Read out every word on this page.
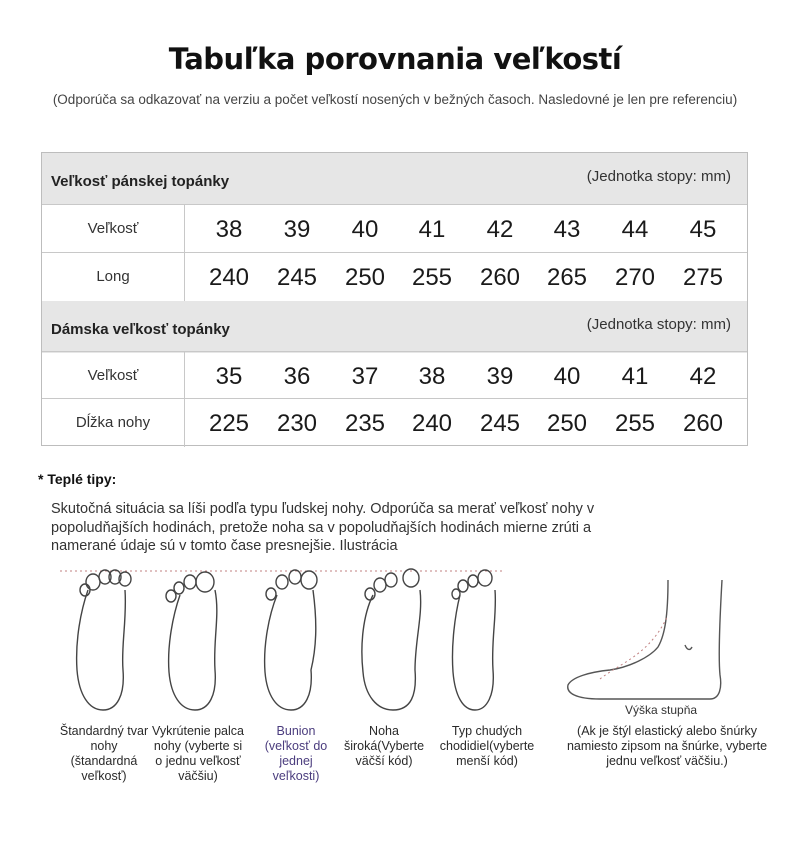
Tabuľka porovnania veľkostí
(Odporúča sa odkazovať na verziu a počet veľkostí nosených v bežných časoch. Nasledovné je len pre referenciu)
Veľkosť pánskej topánky	(Jednotka stopy: mm)
Veľkosť	38	39	40	41	42	43	44	45
Long	240	245	250	255	260	265	270	275
Dámska veľkosť topánky	(Jednotka stopy: mm)
Veľkosť	35	36	37	38	39	40	41	42
Dĺžka nohy	225	230	235	240	245	250	255	260
* Teplé tipy:
Skutočná situácia sa líši podľa typu ľudskej nohy. Odporúča sa merať veľkosť nohy v popoludňajších hodinách, pretože noha sa v popoludňajších hodinách mierne zrúti a namerané údaje sú v tomto čase presnejšie. Ilustrácia
Štandardný tvar nohy (štandardná veľkosť)
Vykrútenie palca nohy (vyberte si o jednu veľkosť väčšiu)
Bunion (veľkosť do jednej veľkosti)
Noha široká(Vyberte väčší kód)
Typ chudých chodidiel(vyberte menší kód)
Výška stupňa
(Ak je štýl elastický alebo šnúrky namiesto zipsom na šnúrke, vyberte jednu veľkosť väčšiu.)
